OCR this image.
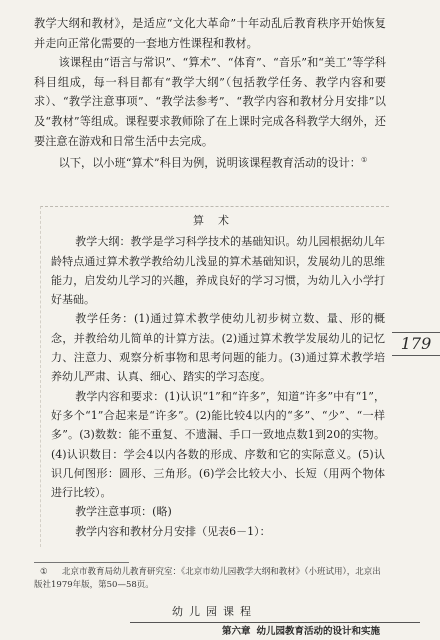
教学大纲和教材》，是适应“文化大革命”十年动乱后教育秩序开始恢复并走向正常化需要的一套地方性课程和教材。

该课程由“语言与常识”、“算术”、“体育”、“音乐”和“美工”等学科科目组成，每一科目都有“教学大纲”（包括教学任务、教学内容和要求）、“教学注意事项”、“教学法参考”、“教学内容和教材分月安排”以及“教材”等组成。课程要求教师除了在上课时完成各科教学大纲外，还要注意在游戏和日常生活中去完成。

以下，以小班“算术”科目为例，说明该课程教育活动的设计：①

算术

教学大纲：教学是学习科学技术的基础知识。幼儿园根据幼儿年龄特点通过算术教学教给幼儿浅显的算术基础知识，发展幼儿的思维能力，启发幼儿学习的兴趣，养成良好的学习习惯，为幼儿入小学打好基础。

教学任务：(1)通过算术教学使幼儿初步树立数、量、形的概念，并教给幼儿简单的计算方法。(2)通过算术教学发展幼儿的记忆力、注意力、观察分析事物和思考问题的能力。(3)通过算术教学培养幼儿严肃、认真、细心、踏实的学习态度。

教学内容和要求：(1)认识“1”和“许多”，知道“许多”中有“1”，好多个“1”合起来是“许多”。(2)能比较4以内的“多”、“少”、“一样多”。(3)数数：能不重复、不遗漏、手口一致地点数1到20的实物。(4)认识数目：学会4以内各数的形成、序数和它的实际意义。(5)认识几何图形：圆形、三角形。(6)学会比较大小、长短（用两个物体进行比较）。

教学注意事项：(略)

教学内容和教材分月安排（见表6－1）：

179
① 北京市教育局幼儿教育研究室：《北京市幼儿园教学大纲和教材》（小班试用），北京出版社1979年版，第50—58页。
幼儿园课程
第六章 幼儿园教育活动的设计和实施
